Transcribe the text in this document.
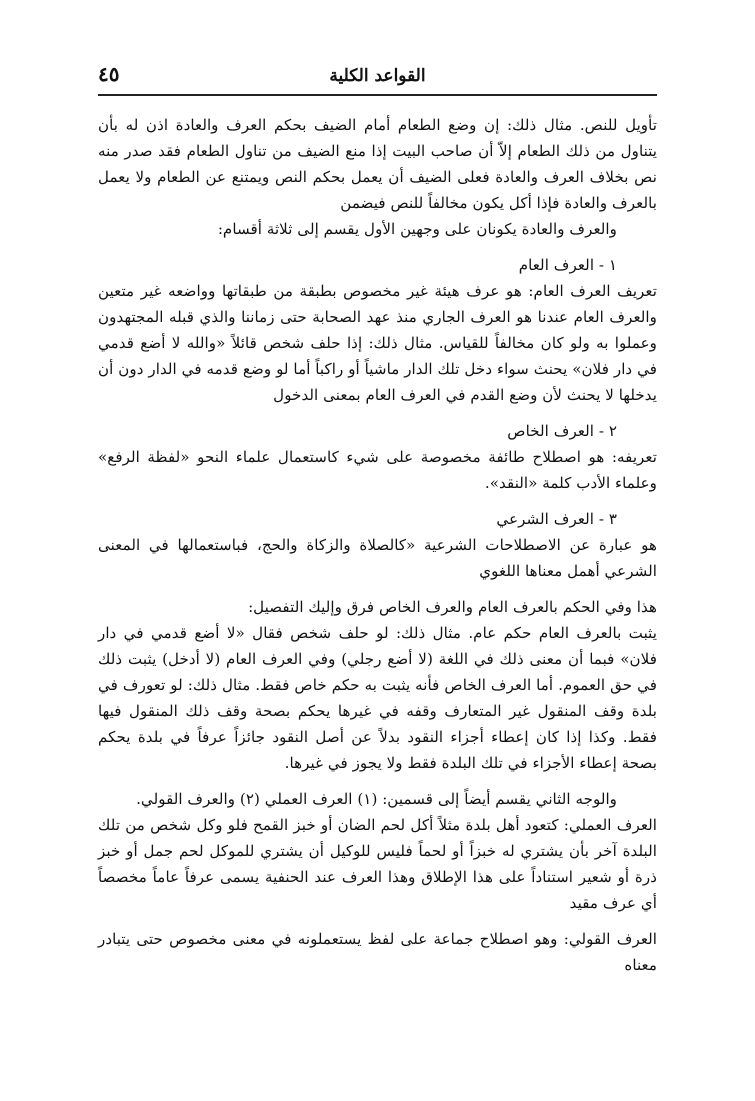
القواعد الكلية
٤٥

تأويل للنص. مثال ذلك: إن وضع الطعام أمام الضيف بحكم العرف والعادة اذن له بأن يتناول من ذلك الطعام إلاّ أن صاحب البيت إذا منع الضيف من تناول الطعام فقد صدر منه نص بخلاف العرف والعادة فعلى الضيف أن يعمل بحكم النص ويمتنع عن الطعام ولا يعمل بالعرف والعادة فإذا أكل يكون مخالفاً للنص فيضمن

والعرف والعادة يكونان على وجهين الأول يقسم إلى ثلاثة أقسام:

١ - العرف العام

تعريف العرف العام: هو عرف هيئة غير مخصوص بطبقة من طبقاتها وواضعه غير متعين والعرف العام عندنا هو العرف الجاري منذ عهد الصحابة حتى زماننا والذي قبله المجتهدون وعملوا به ولو كان مخالفاً للقياس. مثال ذلك: إذا حلف شخص قائلاً «والله لا أضع قدمي في دار فلان» يحنث سواء دخل تلك الدار ماشياً أو راكباً أما لو وضع قدمه في الدار دون أن يدخلها لا يحنث لأن وضع القدم في العرف العام بمعنى الدخول

٢ - العرف الخاص

تعريفه: هو اصطلاح طائفة مخصوصة على شيء كاستعمال علماء النحو «لفظة الرفع» وعلماء الأدب كلمة «النقد».

٣ - العرف الشرعي

هو عبارة عن الاصطلاحات الشرعية «كالصلاة والزكاة والحج، فباستعمالها في المعنى الشرعي أهمل معناها اللغوي

هذا وفي الحكم بالعرف العام والعرف الخاص فرق وإليك التفصيل:

يثبت بالعرف العام حكم عام. مثال ذلك: لو حلف شخص فقال «لا أضع قدمي في دار فلان» فبما أن معنى ذلك في اللغة (لا أضع رجلي) وفي العرف العام (لا أدخل) يثبت ذلك في حق العموم. أما العرف الخاص فأنه يثبت به حكم خاص فقط. مثال ذلك: لو تعورف في بلدة وقف المنقول غير المتعارف وقفه في غيرها يحكم بصحة وقف ذلك المنقول فيها فقط. وكذا إذا كان إعطاء أجزاء النقود بدلاً عن أصل النقود جائزاً عرفاً في بلدة يحكم بصحة إعطاء الأجزاء في تلك البلدة فقط ولا يجوز في غيرها.

والوجه الثاني يقسم أيضاً إلى قسمين: (١) العرف العملي (٢) والعرف القولي.

العرف العملي: كتعود أهل بلدة مثلاً أكل لحم الضان أو خبز القمح فلو وكل شخص من تلك البلدة آخر بأن يشتري له خبزاً أو لحماً فليس للوكيل أن يشتري للموكل لحم جمل أو خبز ذرة أو شعير استناداً على هذا الإطلاق وهذا العرف عند الحنفية يسمى عرفاً عاماً مخصصاً أي عرف مقيد

العرف القولي: وهو اصطلاح جماعة على لفظ يستعملونه في معنى مخصوص حتى يتبادر معناه
